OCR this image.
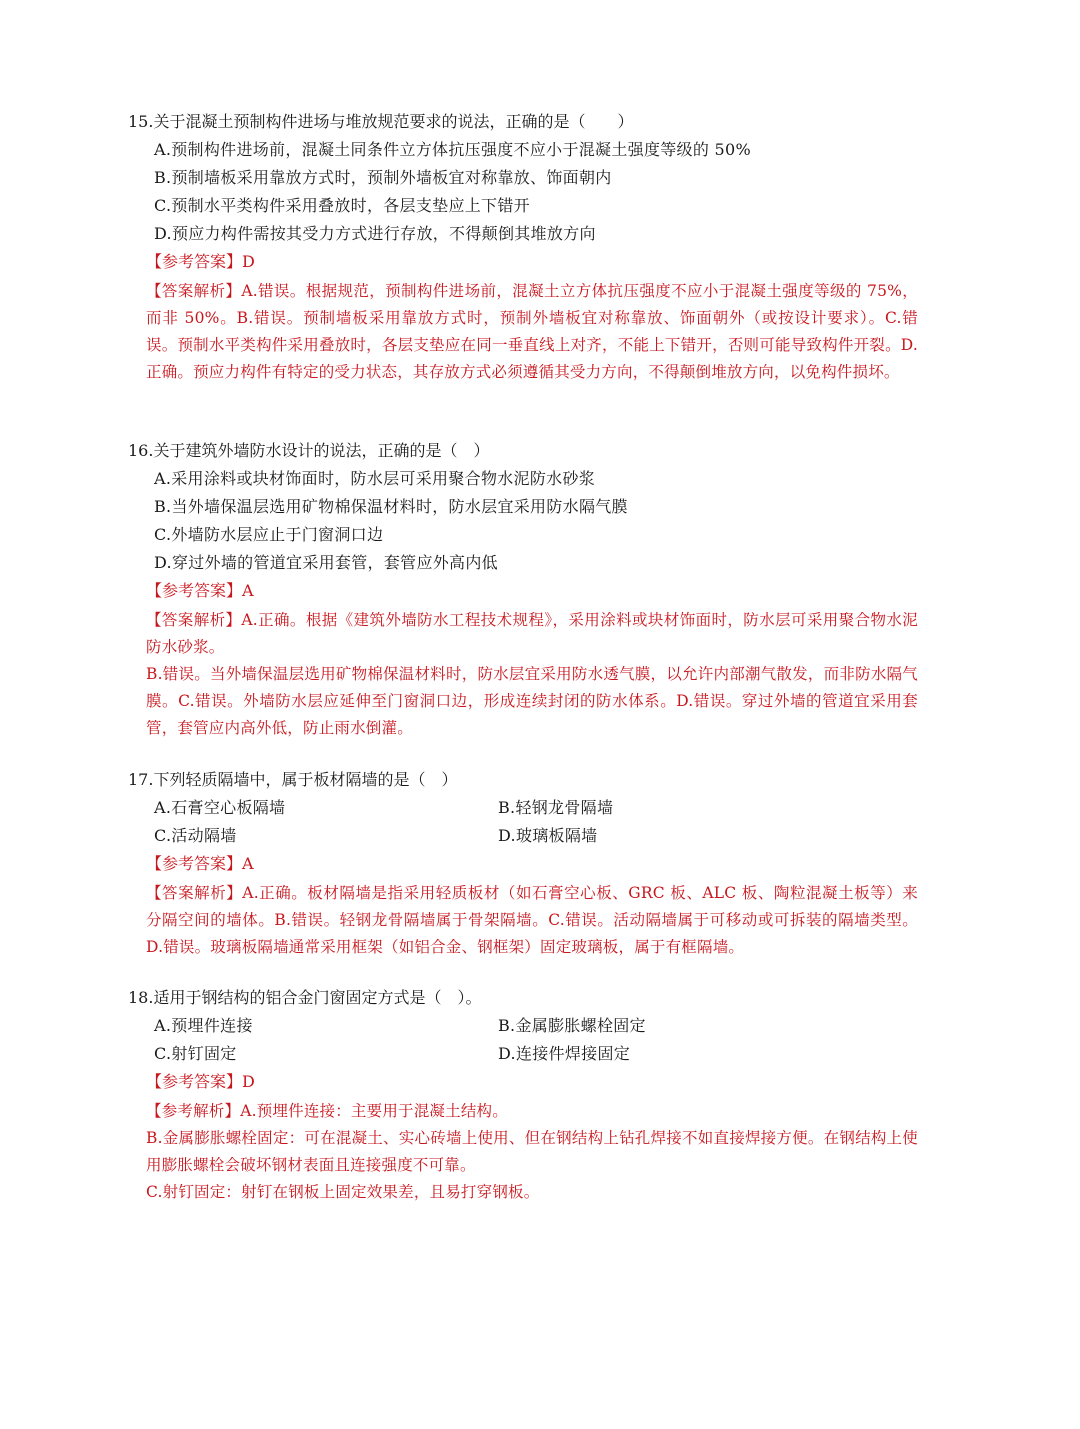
15.关于混凝土预制构件进场与堆放规范要求的说法，正确的是（　　）
A.预制构件进场前，混凝土同条件立方体抗压强度不应小于混凝土强度等级的 50%
B.预制墙板采用靠放方式时，预制外墙板宜对称靠放、饰面朝内
C.预制水平类构件采用叠放时，各层支垫应上下错开
D.预应力构件需按其受力方式进行存放，不得颠倒其堆放方向
【参考答案】D

【答案解析】A.错误。根据规范，预制构件进场前，混凝土立方体抗压强度不应小于混凝土强度等级的 75%，而非 50%。B.错误。预制墙板采用靠放方式时，预制外墙板宜对称靠放、饰面朝外（或按设计要求）。C.错误。预制水平类构件采用叠放时，各层支垫应在同一垂直线上对齐，不能上下错开，否则可能导致构件开裂。D.正确。预应力构件有特定的受力状态，其存放方式必须遵循其受力方向，不得颠倒堆放方向，以免构件损坏。

16.关于建筑外墙防水设计的说法，正确的是（　）
A.采用涂料或块材饰面时，防水层可采用聚合物水泥防水砂浆
B.当外墙保温层选用矿物棉保温材料时，防水层宜采用防水隔气膜
C.外墙防水层应止于门窗洞口边
D.穿过外墙的管道宜采用套管，套管应外高内低
【参考答案】A

【答案解析】A.正确。根据《建筑外墙防水工程技术规程》，采用涂料或块材饰面时，防水层可采用聚合物水泥防水砂浆。

B.错误。当外墙保温层选用矿物棉保温材料时，防水层宜采用防水透气膜，以允许内部潮气散发，而非防水隔气膜。C.错误。外墙防水层应延伸至门窗洞口边，形成连续封闭的防水体系。D.错误。穿过外墙的管道宜采用套管，套管应内高外低，防止雨水倒灌。

17.下列轻质隔墙中，属于板材隔墙的是（　）
A.石膏空心板隔墙	B.轻钢龙骨隔墙
C.活动隔墙	D.玻璃板隔墙
【参考答案】A

【答案解析】A.正确。板材隔墙是指采用轻质板材（如石膏空心板、GRC 板、ALC 板、陶粒混凝土板等）来分隔空间的墙体。B.错误。轻钢龙骨隔墙属于骨架隔墙。C.错误。活动隔墙属于可移动或可拆装的隔墙类型。D.错误。玻璃板隔墙通常采用框架（如铝合金、钢框架）固定玻璃板，属于有框隔墙。

18.适用于钢结构的铝合金门窗固定方式是（　）。
A.预埋件连接	B.金属膨胀螺栓固定
C.射钉固定	D.连接件焊接固定
【参考答案】D

【参考解析】A.预埋件连接：主要用于混凝土结构。

B.金属膨胀螺栓固定：可在混凝土、实心砖墙上使用、但在钢结构上钻孔焊接不如直接焊接方便。在钢结构上使用膨胀螺栓会破坏钢材表面且连接强度不可靠。

C.射钉固定：射钉在钢板上固定效果差，且易打穿钢板。
